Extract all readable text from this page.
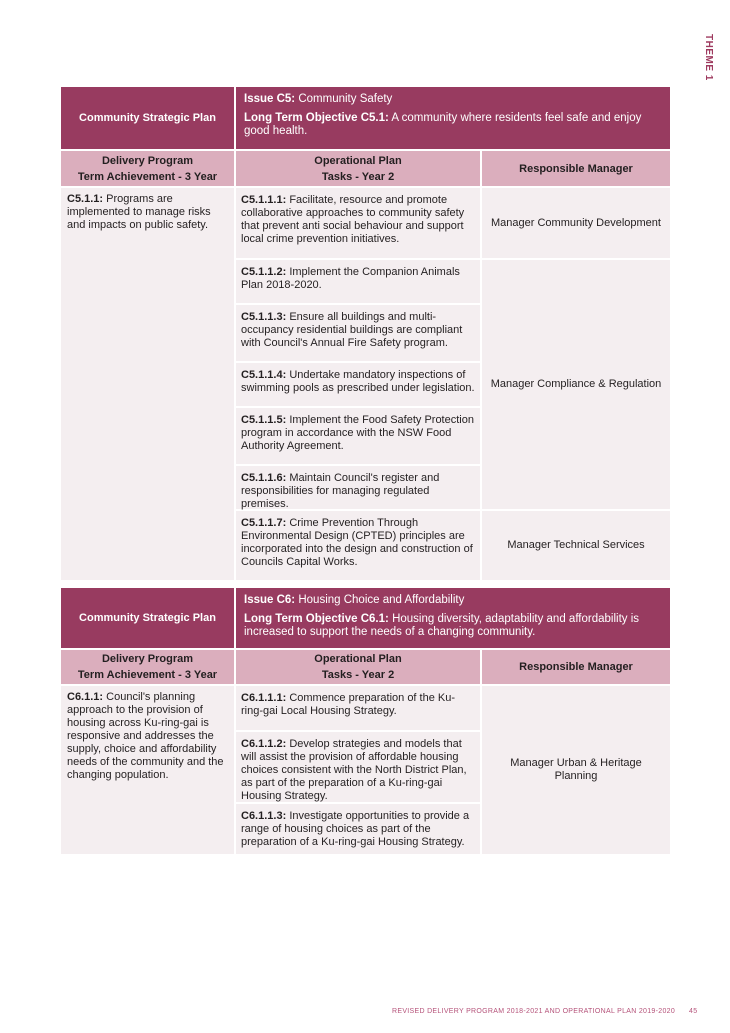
THEME 1
Community Strategic Plan
Issue C5: Community Safety
Long Term Objective C5.1: A community where residents feel safe and enjoy good health.
Delivery Program
Term Achievement - 3 Year
Operational Plan
Tasks - Year 2
Responsible Manager
C5.1.1: Programs are implemented to manage risks and impacts on public safety.
C5.1.1.1: Facilitate, resource and promote collaborative approaches to community safety that prevent anti social behaviour and support local crime prevention initiatives.
C5.1.1.2: Implement the Companion Animals Plan 2018-2020.
C5.1.1.3: Ensure all buildings and multi-occupancy residential buildings are compliant with Council's Annual Fire Safety program.
C5.1.1.4: Undertake mandatory inspections of swimming pools as prescribed under legislation.
C5.1.1.5: Implement the Food Safety Protection program in accordance with the NSW Food Authority Agreement.
C5.1.1.6: Maintain Council's register and responsibilities for managing regulated premises.
C5.1.1.7: Crime Prevention Through Environmental Design (CPTED) principles are incorporated into the design and construction of Councils Capital Works.
Manager Community Development
Manager Compliance & Regulation
Manager Technical Services
Community Strategic Plan
Issue C6: Housing Choice and Affordability
Long Term Objective C6.1: Housing diversity, adaptability and affordability is increased to support the needs of a changing community.
Delivery Program
Term Achievement - 3 Year
Operational Plan
Tasks - Year 2
Responsible Manager
C6.1.1: Council's planning approach to the provision of housing across Ku-ring-gai is responsive and addresses the supply, choice and affordability needs of the community and the changing population.
C6.1.1.1: Commence preparation of the Ku-ring-gai Local Housing Strategy.
C6.1.1.2: Develop strategies and models that will assist the provision of affordable housing choices consistent with the North District Plan, as part of the preparation of a Ku-ring-gai Housing Strategy.
C6.1.1.3: Investigate opportunities to provide a range of housing choices as part of the preparation of a Ku-ring-gai Housing Strategy.
Manager Urban & Heritage Planning
REVISED DELIVERY PROGRAM 2018-2021 AND OPERATIONAL PLAN 2019-2020 45
